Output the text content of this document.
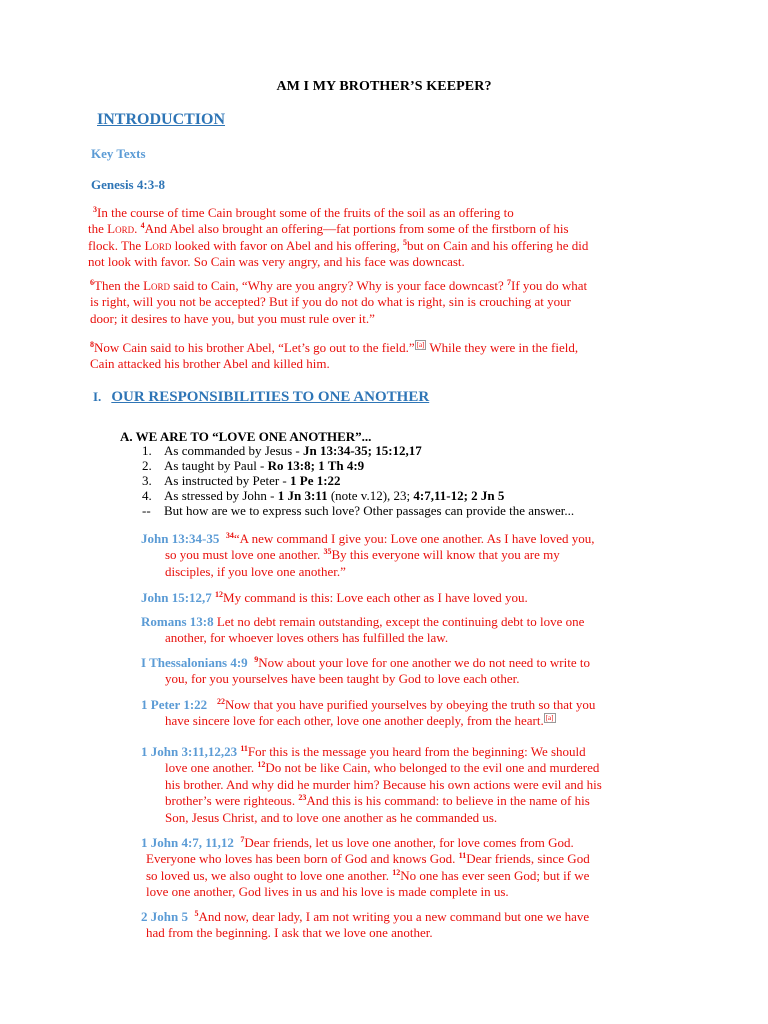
AM I MY BROTHER’S KEEPER?
INTRODUCTION
Key Texts
Genesis 4:3-8
$^3$In the course of time Cain brought some of the fruits of the soil as an offering to
the Lord. $^4$And Abel also brought an offering—fat portions from some of the firstborn of his
flock. The Lord looked with favor on Abel and his offering, $^5$but on Cain and his offering he did
not look with favor. So Cain was very angry, and his face was downcast.
$^6$Then the Lord said to Cain, “Why are you angry? Why is your face downcast? $^7$If you do what
is right, will you not be accepted? But if you do not do what is right, sin is crouching at your
door; it desires to have you, but you must rule over it.”
$^8$Now Cain said to his brother Abel, “Let’s go out to the field.” [a] While they were in the field,
Cain attacked his brother Abel and killed him.
I. OUR RESPONSIBILITIES TO ONE ANOTHER
A. WE ARE TO “LOVE ONE ANOTHER”...
1. As commanded by Jesus - Jn 13:34-35; 15:12,17
2. As taught by Paul - Ro 13:8; 1 Th 4:9
3. As instructed by Peter - 1 Pe 1:22
4. As stressed by John - 1 Jn 3:11 (note v.12), 23; 4:7,11-12; 2 Jn 5
-- But how are we to express such love? Other passages can provide the answer...
John 13:34-35 $^{34}$“A new command I give you: Love one another. As I have loved you,
so you must love one another. $^{35}$By this everyone will know that you are my
disciples, if you love one another.”
John 15:12,7 $^{12}$My command is this: Love each other as I have loved you.
Romans 13:8 Let no debt remain outstanding, except the continuing debt to love one
another, for whoever loves others has fulfilled the law.
I Thessalonians 4:9 $^9$Now about your love for one another we do not need to write to
you, for you yourselves have been taught by God to love each other.
1 Peter 1:22 $^{22}$Now that you have purified yourselves by obeying the truth so that you
have sincere love for each other, love one another deeply, from the heart. [a]
1 John 3:11,12,23 $^{11}$For this is the message you heard from the beginning: We should
love one another. $^{12}$Do not be like Cain, who belonged to the evil one and murdered
his brother. And why did he murder him? Because his own actions were evil and his
brother’s were righteous. $^{23}$And this is his command: to believe in the name of his
Son, Jesus Christ, and to love one another as he commanded us.
1 John 4:7, 11,12 $^7$Dear friends, let us love one another, for love comes from God.
Everyone who loves has been born of God and knows God. $^{11}$Dear friends, since God
so loved us, we also ought to love one another. $^{12}$No one has ever seen God; but if we
love one another, God lives in us and his love is made complete in us.
2 John 5 $^5$And now, dear lady, I am not writing you a new command but one we have
had from the beginning. I ask that we love one another.
